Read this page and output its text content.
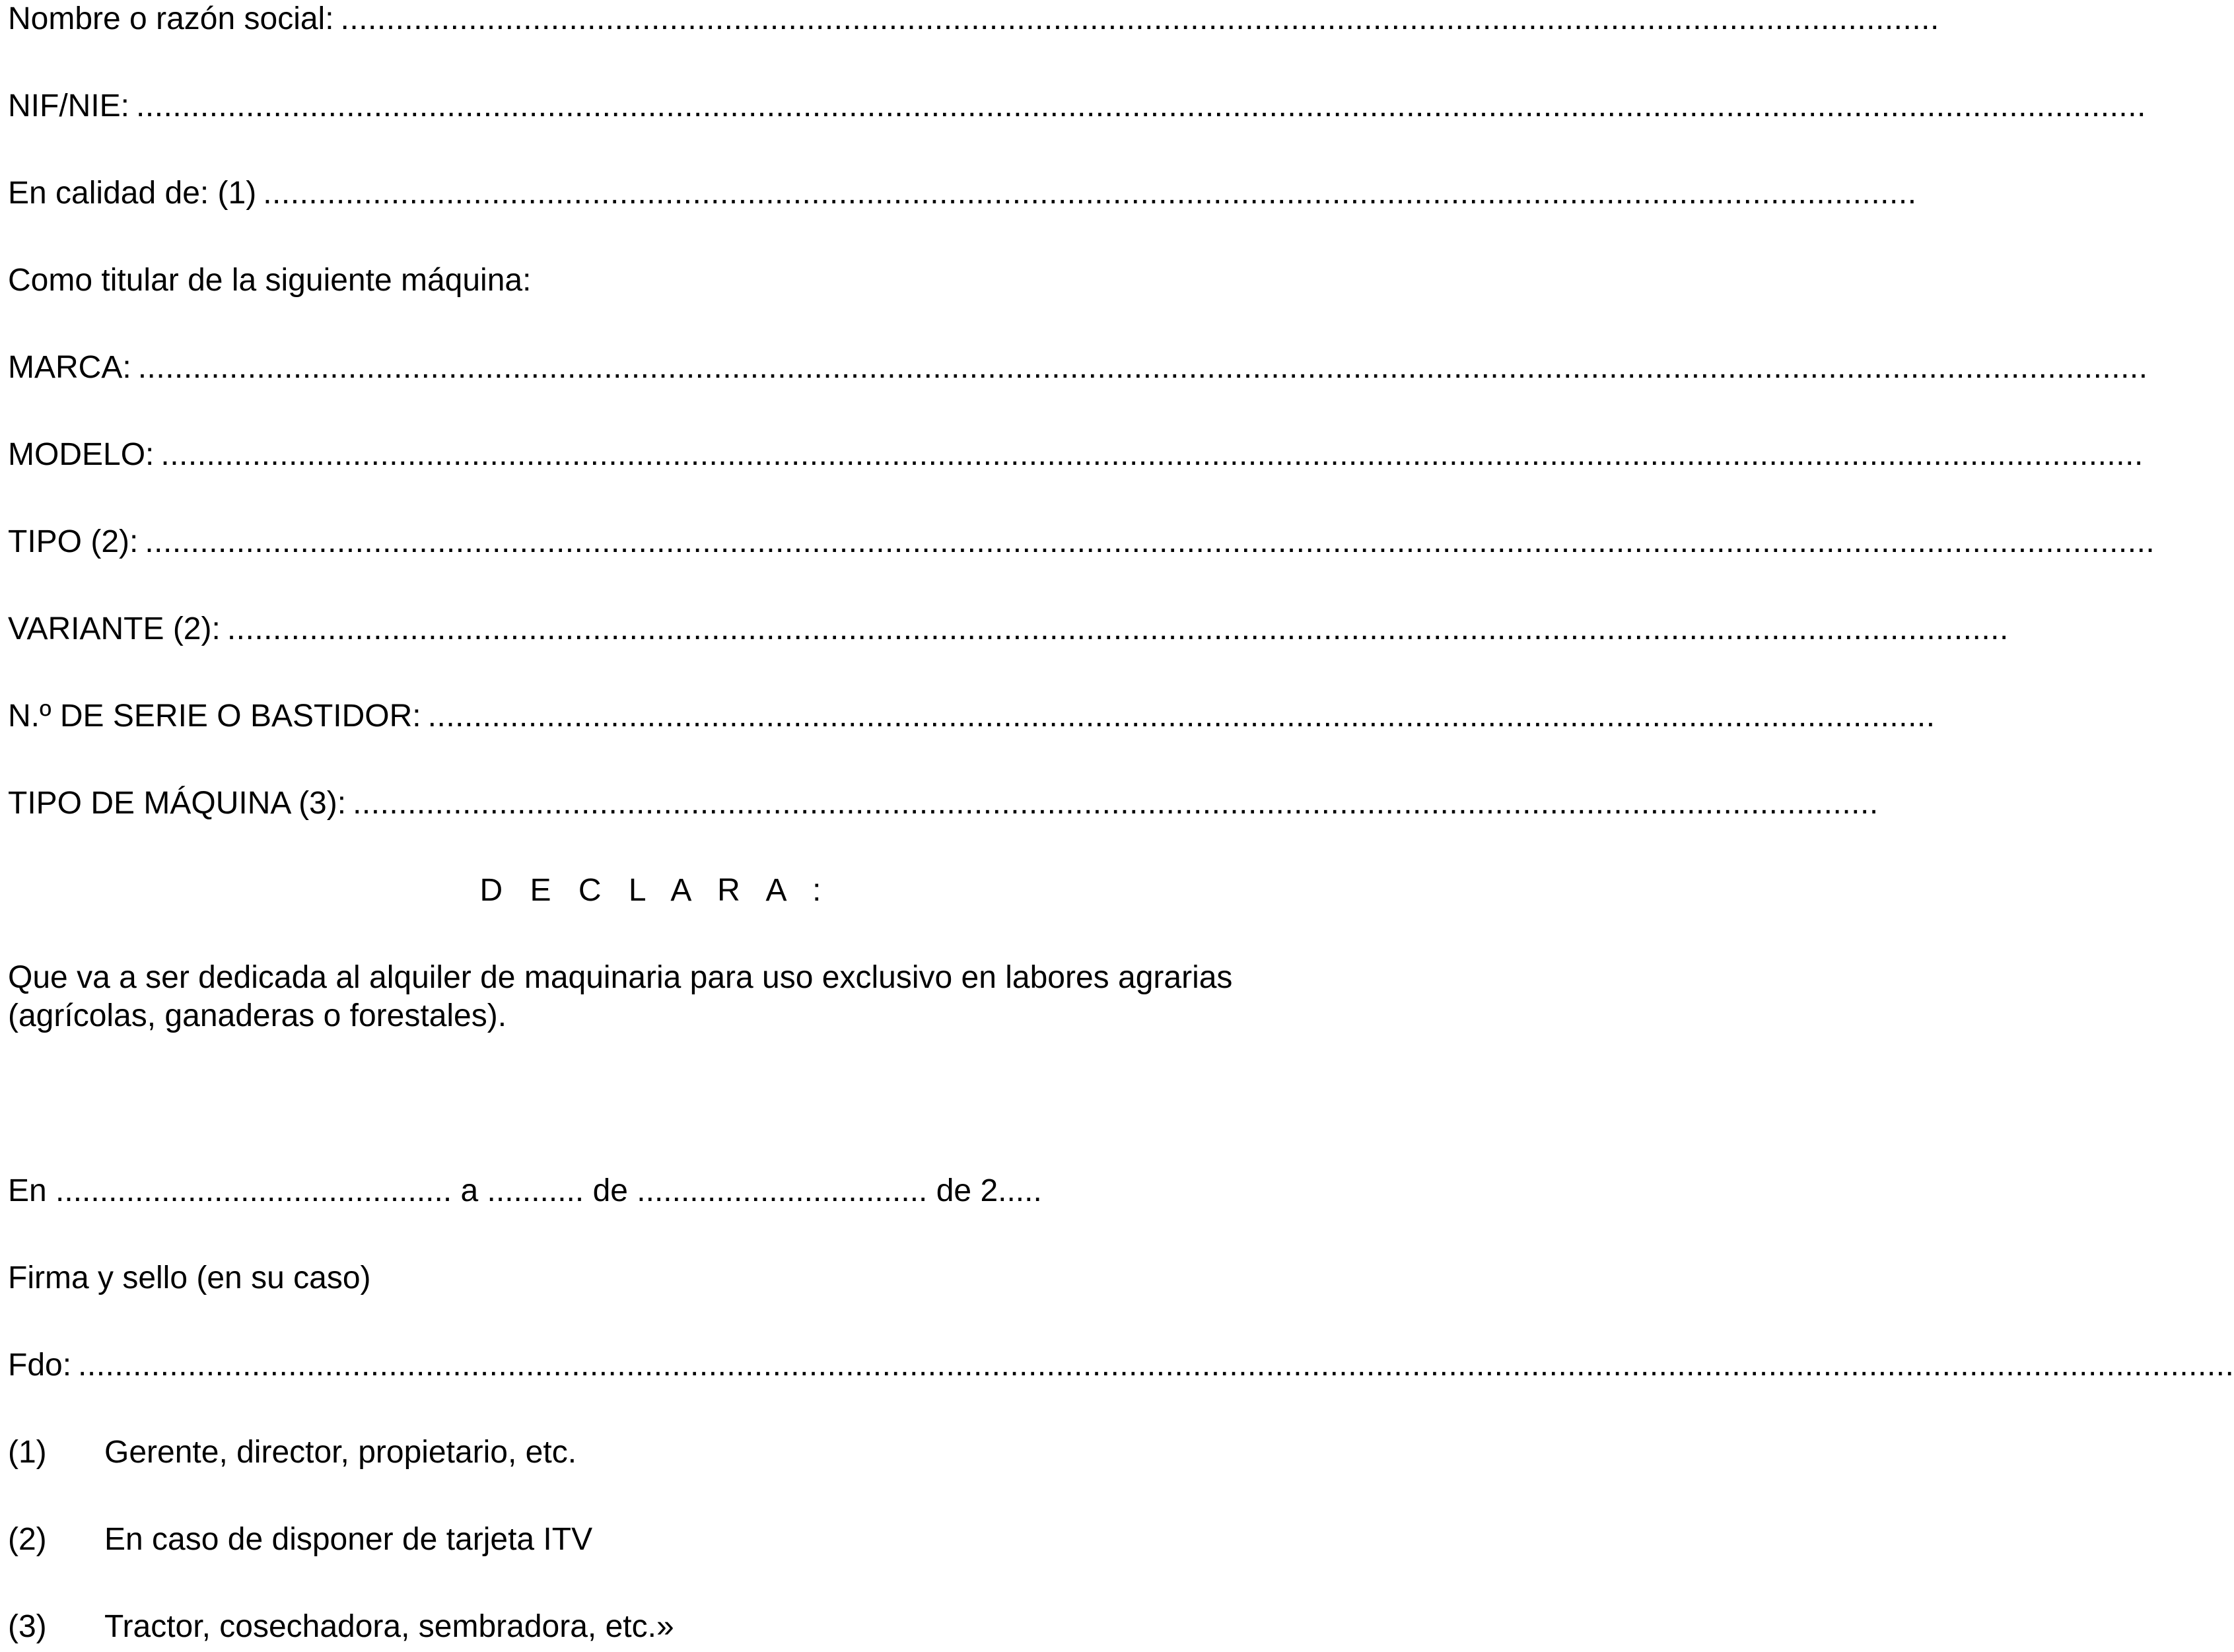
Nombre o razón social: ...............................................................................................................................................................................
NIF/NIE: ............................................................................................................................................................................................................................
En calidad de: (1) .....................................................................................................................................................................................
Como titular de la siguiente máquina:
MARCA: ............................................................................................................................................................................................................................
MODELO: .........................................................................................................................................................................................................................
TIPO (2): ............................................................................................................................................................................................................................
VARIANTE (2): ...................................................................................................................................................................................................
N.º DE SERIE O BASTIDOR: .....................................................................................................................................................................
TIPO DE MÁQUINA (3): .......................................................................................................................................................................
D E C L A R A :
Que va a ser dedicada al alquiler de maquinaria para uso exclusivo en labores agrarias (agrícolas, ganaderas o forestales).
En ............................................. a ........... de ................................. de 2.....
Firma y sello (en su caso)
Fdo: ............................................................................................................................................................................................................................................
(1) Gerente, director, propietario, etc.
(2) En caso de disponer de tarjeta ITV
(3) Tractor, cosechadora, sembradora, etc.»
